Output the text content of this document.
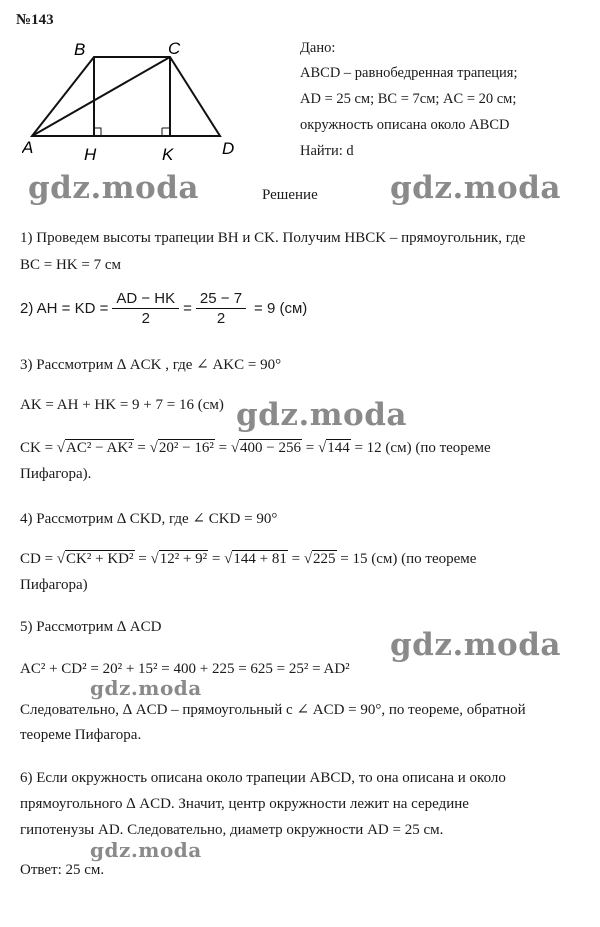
№143
A
B	C
D
H	K
Дано:
ABCD – равнобедренная трапеция;
AD = 25 см; BC = 7см; AC = 20 см;
окружность описана около ABCD
Найти: d
Решение
gdz.moda	gdz.moda
gdz.moda
gdz.moda
gdz.moda
gdz.moda
1) Проведем высоты трапеции BH и CK. Получим HBCK – прямоугольник, где
BC = HK = 7 см
2) AH = KD = $\frac{AD - HK}{2} = \frac{25 - 7}{2} = 9$ (см)
3) Рассмотрим ∆ ACK , где ∠ AKC = 90°
AK = AH + HK = 9 + 7 = 16 (см)
CK = √AC² − AK² = √20² − 16² = √400 − 256 = √144 = 12 (см) (по теореме
Пифагора).
4) Рассмотрим ∆ CKD, где ∠ CKD = 90°
CD = √CK² + KD² = √12² + 9² = √144 + 81 = √225 = 15 (см) (по теореме
Пифагора)
5) Рассмотрим ∆ ACD
AC² + CD² = 20² + 15² = 400 + 225 = 625 = 25² = AD²
Следовательно, ∆ ACD – прямоугольный с ∠ ACD = 90°, по теореме, обратной
теореме Пифагора.
6) Если окружность описана около трапеции ABCD, то она описана и около
прямоугольного ∆ ACD. Значит, центр окружности лежит на середине
гипотенузы AD. Следовательно, диаметр окружности AD = 25 см.
Ответ: 25 см.
